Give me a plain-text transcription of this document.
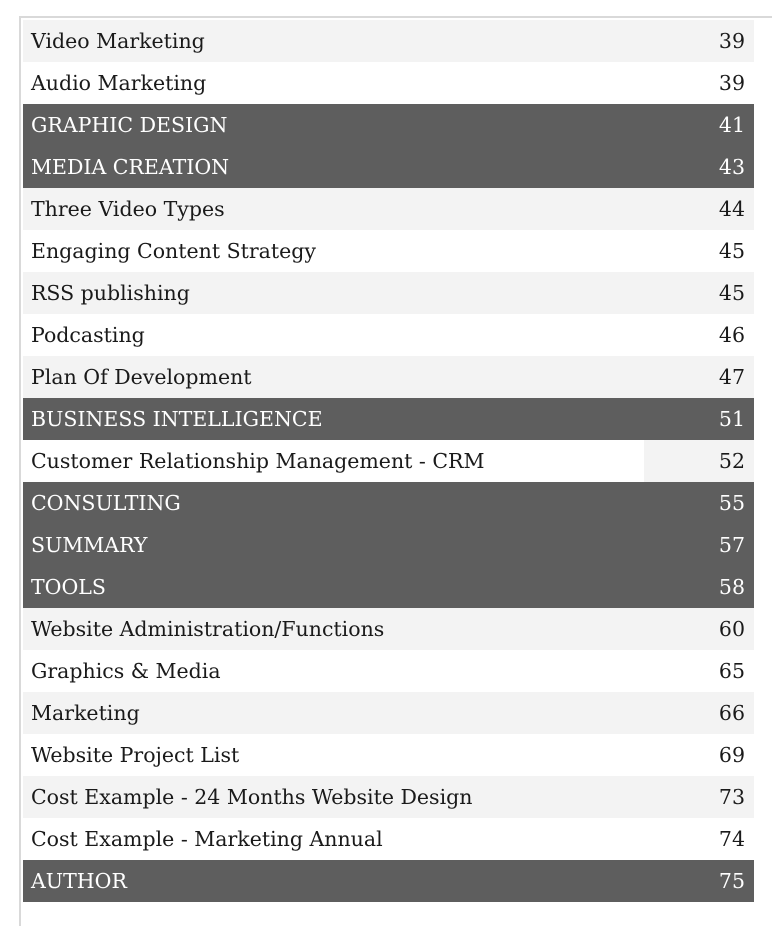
Video Marketing	39
Audio Marketing	39
GRAPHIC DESIGN	41
MEDIA CREATION	43
Three Video Types	44
Engaging Content Strategy	45
RSS publishing	45
Podcasting	46
Plan Of Development	47
BUSINESS INTELLIGENCE	51
Customer Relationship Management - CRM	52
CONSULTING	55
SUMMARY	57
TOOLS	58
Website Administration/Functions	60
Graphics & Media	65
Marketing	66
Website Project List	69
Cost Example - 24 Months Website Design	73
Cost Example - Marketing Annual	74
AUTHOR	75
